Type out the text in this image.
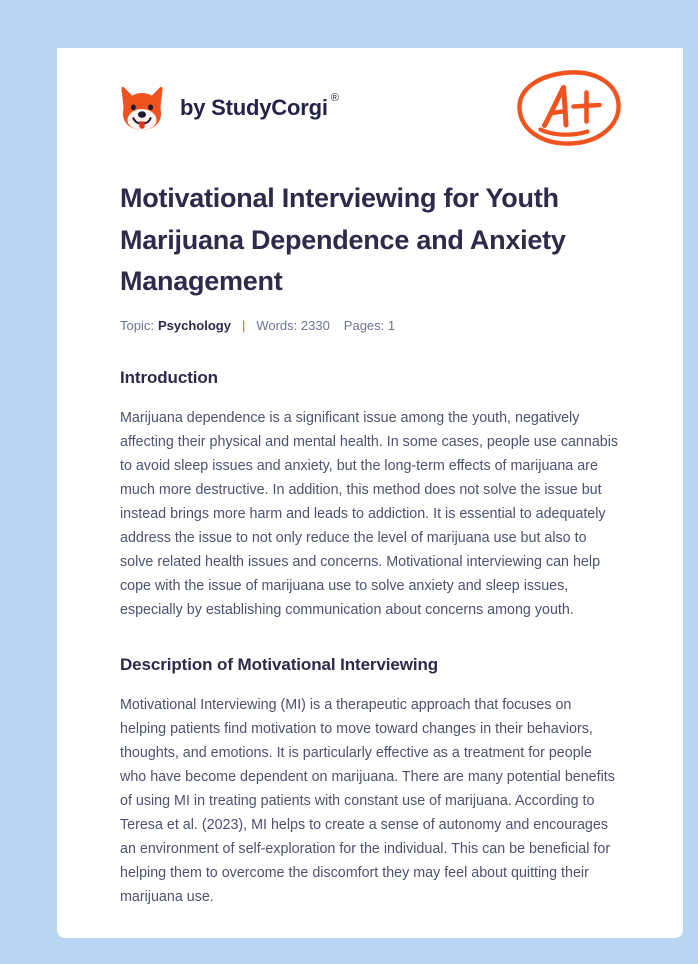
by StudyCorgi ®
Motivational Interviewing for Youth Marijuana Dependence and Anxiety Management
Topic: Psychology | Words: 2330 Pages: 1
Introduction

Marijuana dependence is a significant issue among the youth, negatively affecting their physical and mental health. In some cases, people use cannabis to avoid sleep issues and anxiety, but the long-term effects of marijuana are much more destructive. In addition, this method does not solve the issue but instead brings more harm and leads to addiction. It is essential to adequately address the issue to not only reduce the level of marijuana use but also to solve related health issues and concerns. Motivational interviewing can help cope with the issue of marijuana use to solve anxiety and sleep issues, especially by establishing communication about concerns among youth.

Description of Motivational Interviewing

Motivational Interviewing (MI) is a therapeutic approach that focuses on helping patients find motivation to move toward changes in their behaviors, thoughts, and emotions. It is particularly effective as a treatment for people who have become dependent on marijuana. There are many potential benefits of using MI in treating patients with constant use of marijuana. According to Teresa et al. (2023), MI helps to create a sense of autonomy and encourages an environment of self-exploration for the individual. This can be beneficial for helping them to overcome the discomfort they may feel about quitting their marijuana use.
